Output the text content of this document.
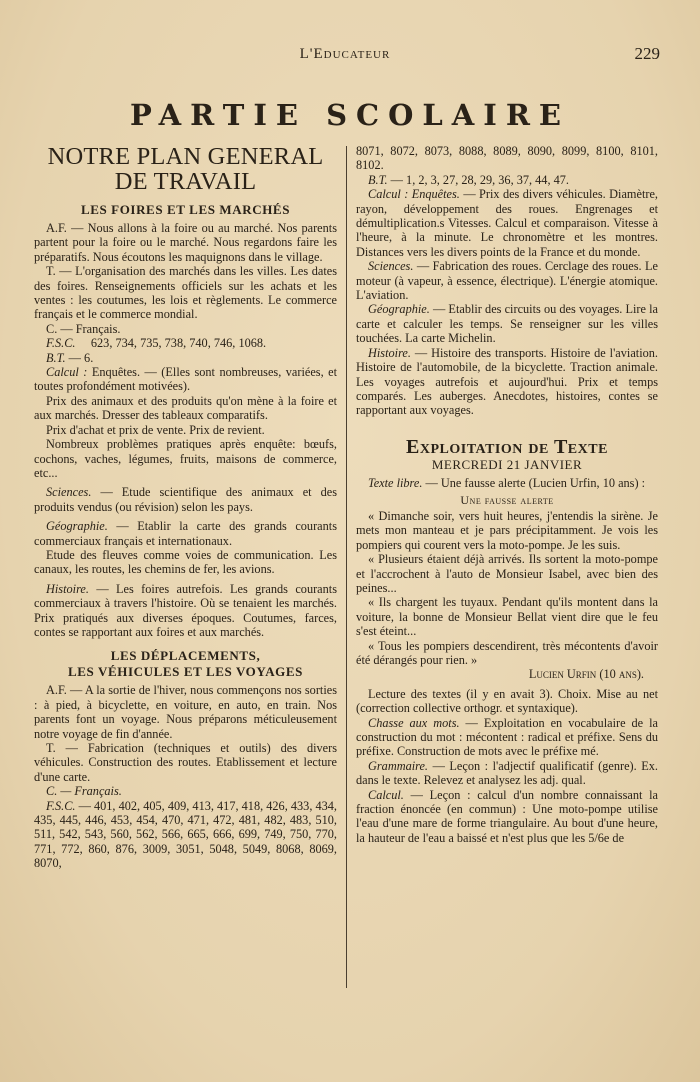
L'Educateur	229
PARTIE SCOLAIRE
NOTRE PLAN GENERAL
DE TRAVAIL
LES FOIRES ET LES MARCHÉS

A.F. — Nous allons à la foire ou au marché. Nos parents partent pour la foire ou le marché. Nous regardons faire les préparatifs. Nous écoutons les maquignons dans le village.

T. — L'organisation des marchés dans les villes. Les dates des foires. Renseignements officiels sur les achats et les ventes : les coutumes, les lois et règlements. Le commerce français et le commerce mondial.

C. — Français.

F.S.C. 623, 734, 735, 738, 740, 746, 1068.

B.T. — 6.

Calcul : Enquêtes. — (Elles sont nombreuses, variées, et toutes profondément motivées).

Prix des animaux et des produits qu'on mène à la foire et aux marchés. Dresser des tableaux comparatifs.

Prix d'achat et prix de vente. Prix de revient.

Nombreux problèmes pratiques après enquête: bœufs, cochons, vaches, légumes, fruits, maisons de commerce, etc...

Sciences. — Etude scientifique des animaux et des produits vendus (ou révision) selon les pays.

Géographie. — Etablir la carte des grands courants commerciaux français et internationaux.

Etude des fleuves comme voies de communication. Les canaux, les routes, les chemins de fer, les avions.

Histoire. — Les foires autrefois. Les grands courants commerciaux à travers l'histoire. Où se tenaient les marchés. Prix pratiqués aux diverses époques. Coutumes, farces, contes se rapportant aux foires et aux marchés.

LES DÉPLACEMENTS,
LES VÉHICULES ET LES VOYAGES

A.F. — A la sortie de l'hiver, nous commençons nos sorties : à pied, à bicyclette, en voiture, en auto, en train. Nos parents font un voyage. Nous préparons méticuleusement notre voyage de fin d'année.

T. — Fabrication (techniques et outils) des divers véhicules. Construction des routes. Etablissement et lecture d'une carte.

C. — Français.

F.S.C. — 401, 402, 405, 409, 413, 417, 418, 426, 433, 434, 435, 445, 446, 453, 454, 470, 471, 472, 481, 482, 483, 510, 511, 542, 543, 560, 562, 566, 665, 666, 699, 749, 750, 770, 771, 772, 860, 876, 3009, 3051, 5048, 5049, 8068, 8069, 8070,

8071, 8072, 8073, 8088, 8089, 8090, 8099, 8100, 8101, 8102.

B.T. — 1, 2, 3, 27, 28, 29, 36, 37, 44, 47.

Calcul : Enquêtes. — Prix des divers véhicules. Diamètre, rayon, développement des roues. Engrenages et démultiplication.s Vitesses. Calcul et comparaison. Vitesse à l'heure, à la minute. Le chronomètre et les montres. Distances vers les divers points de la France et du monde.

Sciences. — Fabrication des roues. Cerclage des roues. Le moteur (à vapeur, à essence, électrique). L'énergie atomique. L'aviation.

Géographie. — Etablir des circuits ou des voyages. Lire la carte et calculer les temps. Se renseigner sur les villes touchées. La carte Michelin.

Histoire. — Histoire des transports. Histoire de l'aviation. Histoire de l'automobile, de la bicyclette. Traction animale. Les voyages autrefois et aujourd'hui. Prix et temps comparés. Les auberges. Anecdotes, histoires, contes se rapportant aux voyages.

Exploitation de Texte
MERCREDI 21 JANVIER

Texte libre. — Une fausse alerte (Lucien Urfin, 10 ans) :

Une fausse alerte

« Dimanche soir, vers huit heures, j'entendis la sirène. Je mets mon manteau et je pars précipitamment. Je vois les pompiers qui courent vers la moto-pompe. Je les suis.

« Plusieurs étaient déjà arrivés. Ils sortent la moto-pompe et l'accrochent à l'auto de Monsieur Isabel, avec bien des peines...

« Ils chargent les tuyaux. Pendant qu'ils montent dans la voiture, la bonne de Monsieur Bellat vient dire que le feu s'est éteint...

« Tous les pompiers descendirent, très mécontents d'avoir été dérangés pour rien. »

Lucien Urfin (10 ans).

Lecture des textes (il y en avait 3). Choix. Mise au net (correction collective orthogr. et syntaxique).

Chasse aux mots. — Exploitation en vocabulaire de la construction du mot : mécontent : radical et préfixe. Sens du préfixe. Construction de mots avec le préfixe mé.

Grammaire. — Leçon : l'adjectif qualificatif (genre). Ex. dans le texte. Relevez et analysez les adj. qual.

Calcul. — Leçon : calcul d'un nombre connaissant la fraction énoncée (en commun) : Une moto-pompe utilise l'eau d'une mare de forme triangulaire. Au bout d'une heure, la hauteur de l'eau a baissé et n'est plus que les 5/6e de
